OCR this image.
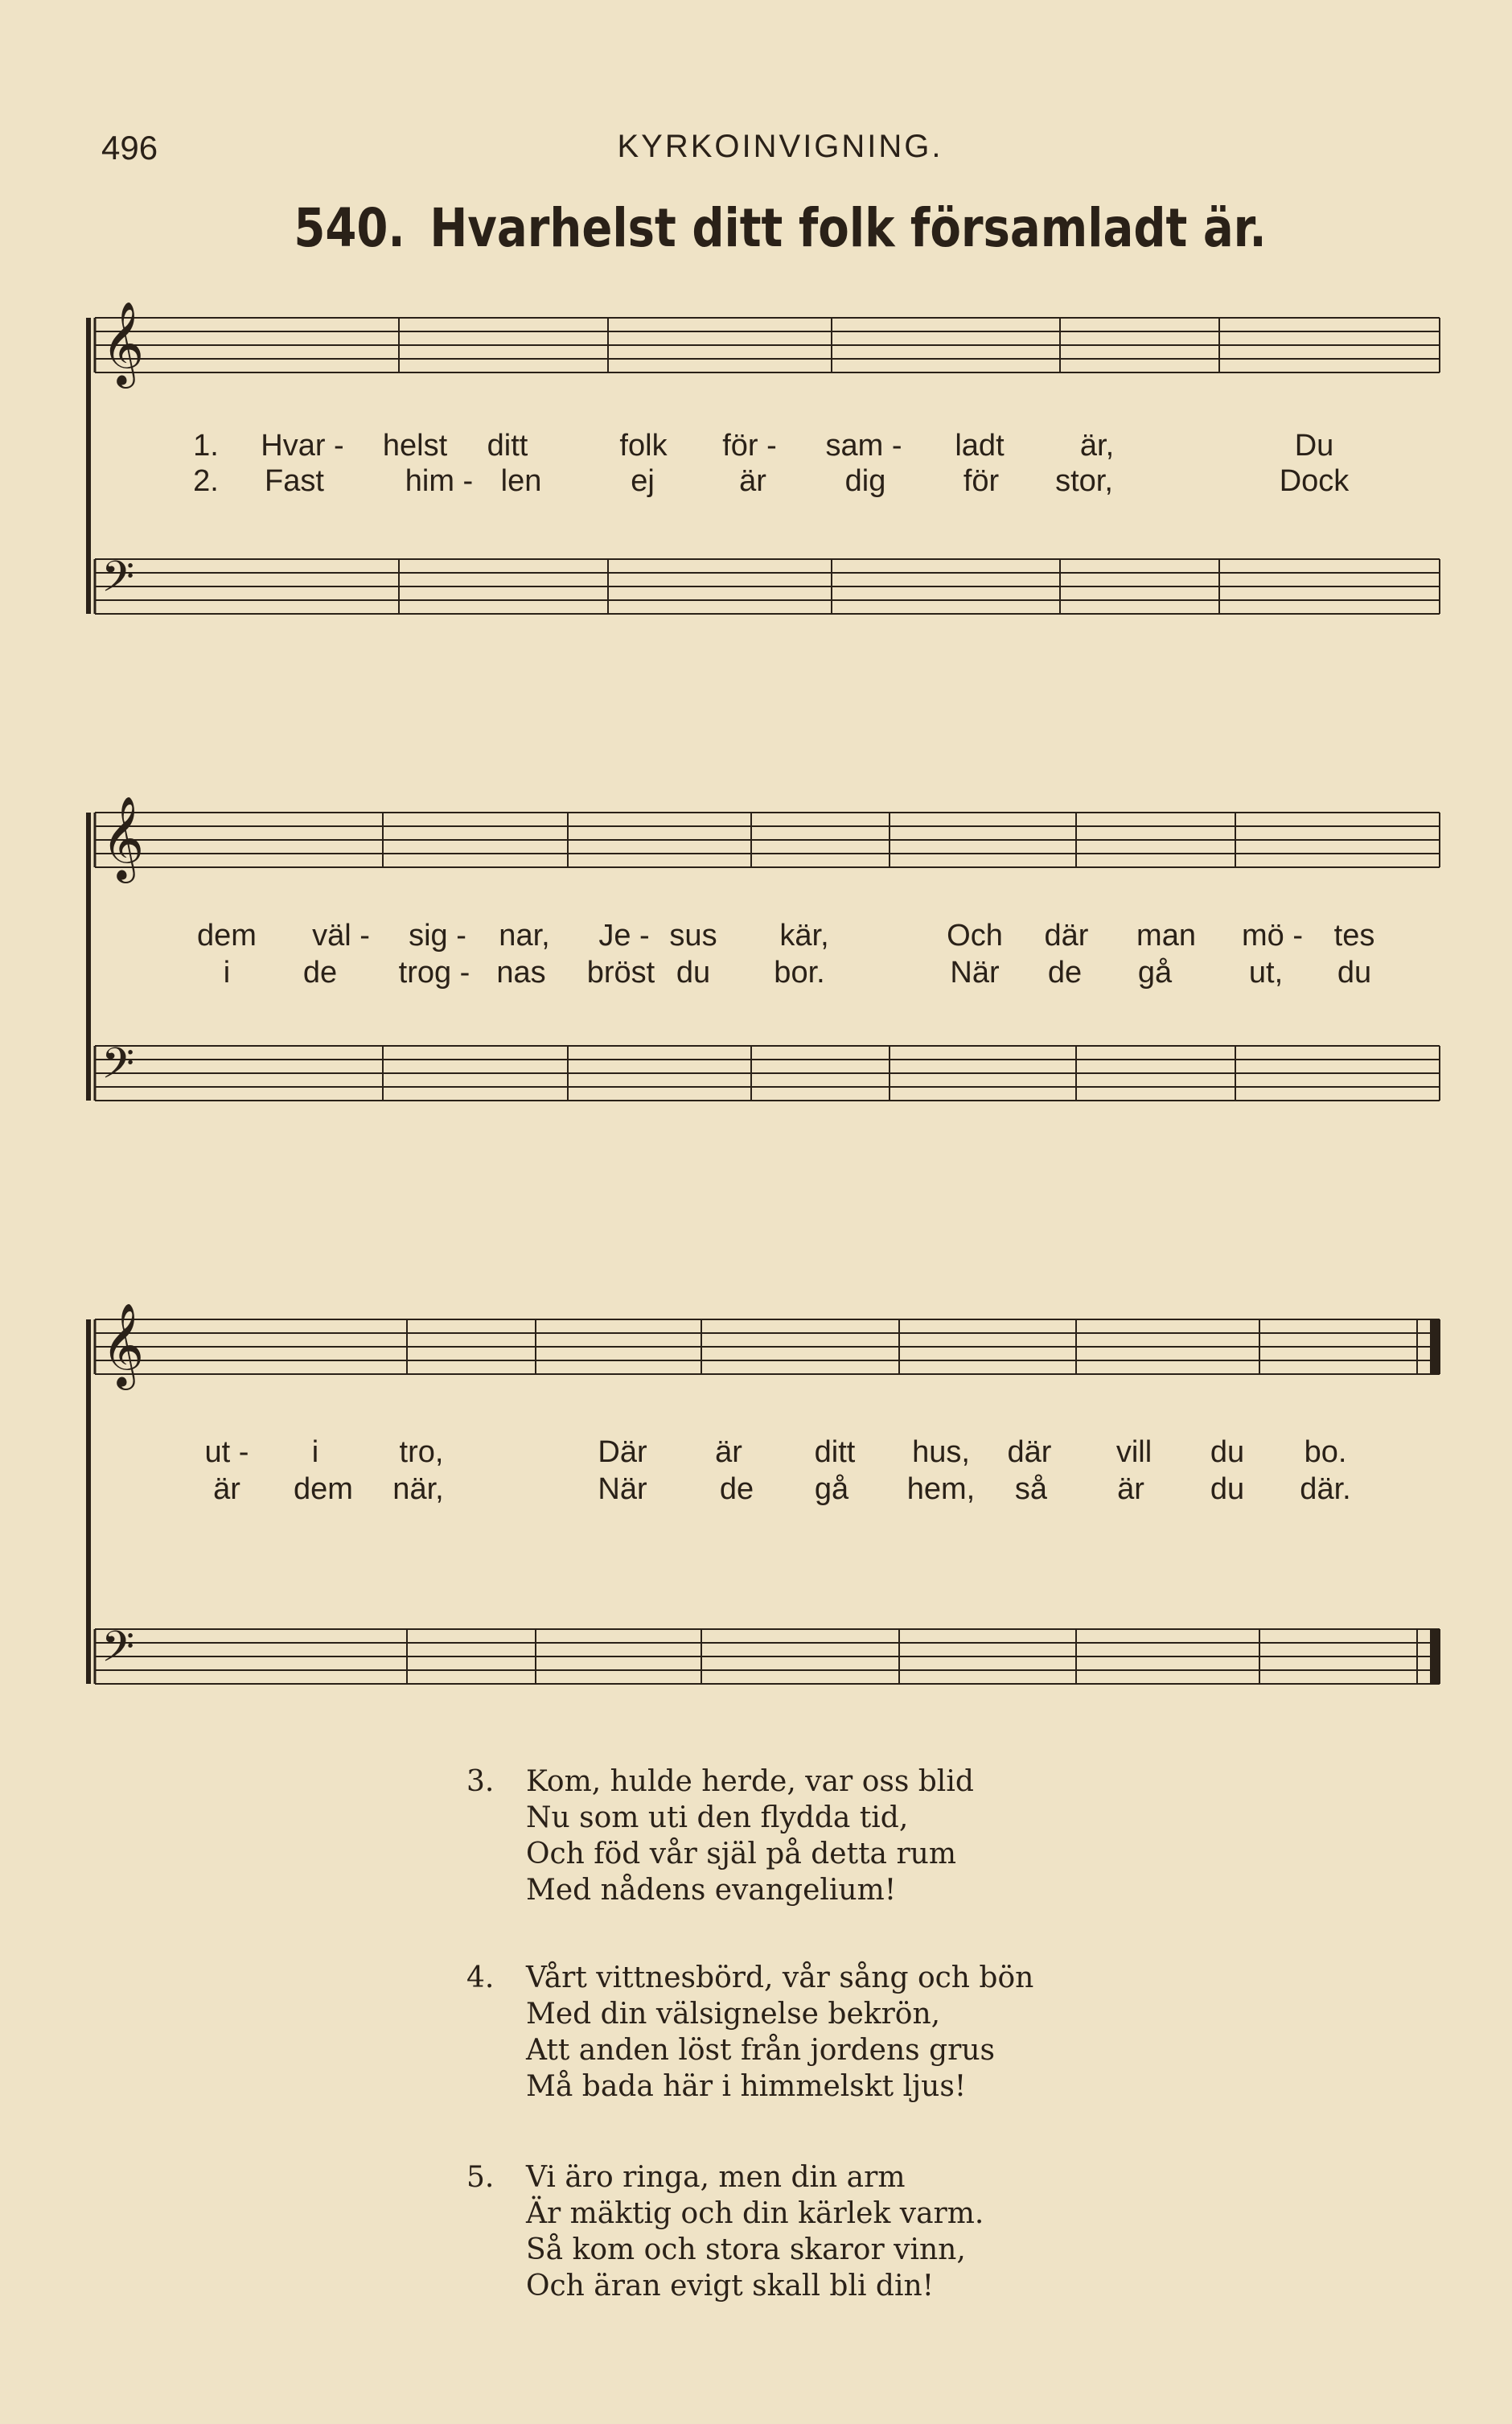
496	KYRKOINVIGNING.
540. Hvarhelst ditt folk församladt är.
𝄞
𝄢
1. Hvar - helst ditt	folk för - sam - ladt är,	Du
2. Fast	him - len	ej	är	dig	för stor,	Dock
𝄞
𝄢
dem väl - sig - nar, Je - sus kär,	Och där man mö - tes
i de trog - nas bröst du bor.	När de gå	ut, du
𝄞
𝄢
ut - i	tro,	Där är ditt hus, där vill du bo.
är dem när,	När de gå hem, så är du där.
3. Kom, hulde herde, var oss blid
Nu som uti den flydda tid,
Och föd vår själ på detta rum
Med nådens evangelium!
4. Vårt vittnesbörd, vår sång och bön
Med din välsignelse bekrön,
Att anden löst från jordens grus
Må bada här i himmelskt ljus!
5. Vi äro ringa, men din arm
Är mäktig och din kärlek varm.
Så kom och stora skaror vinn,
Och äran evigt skall bli din!
